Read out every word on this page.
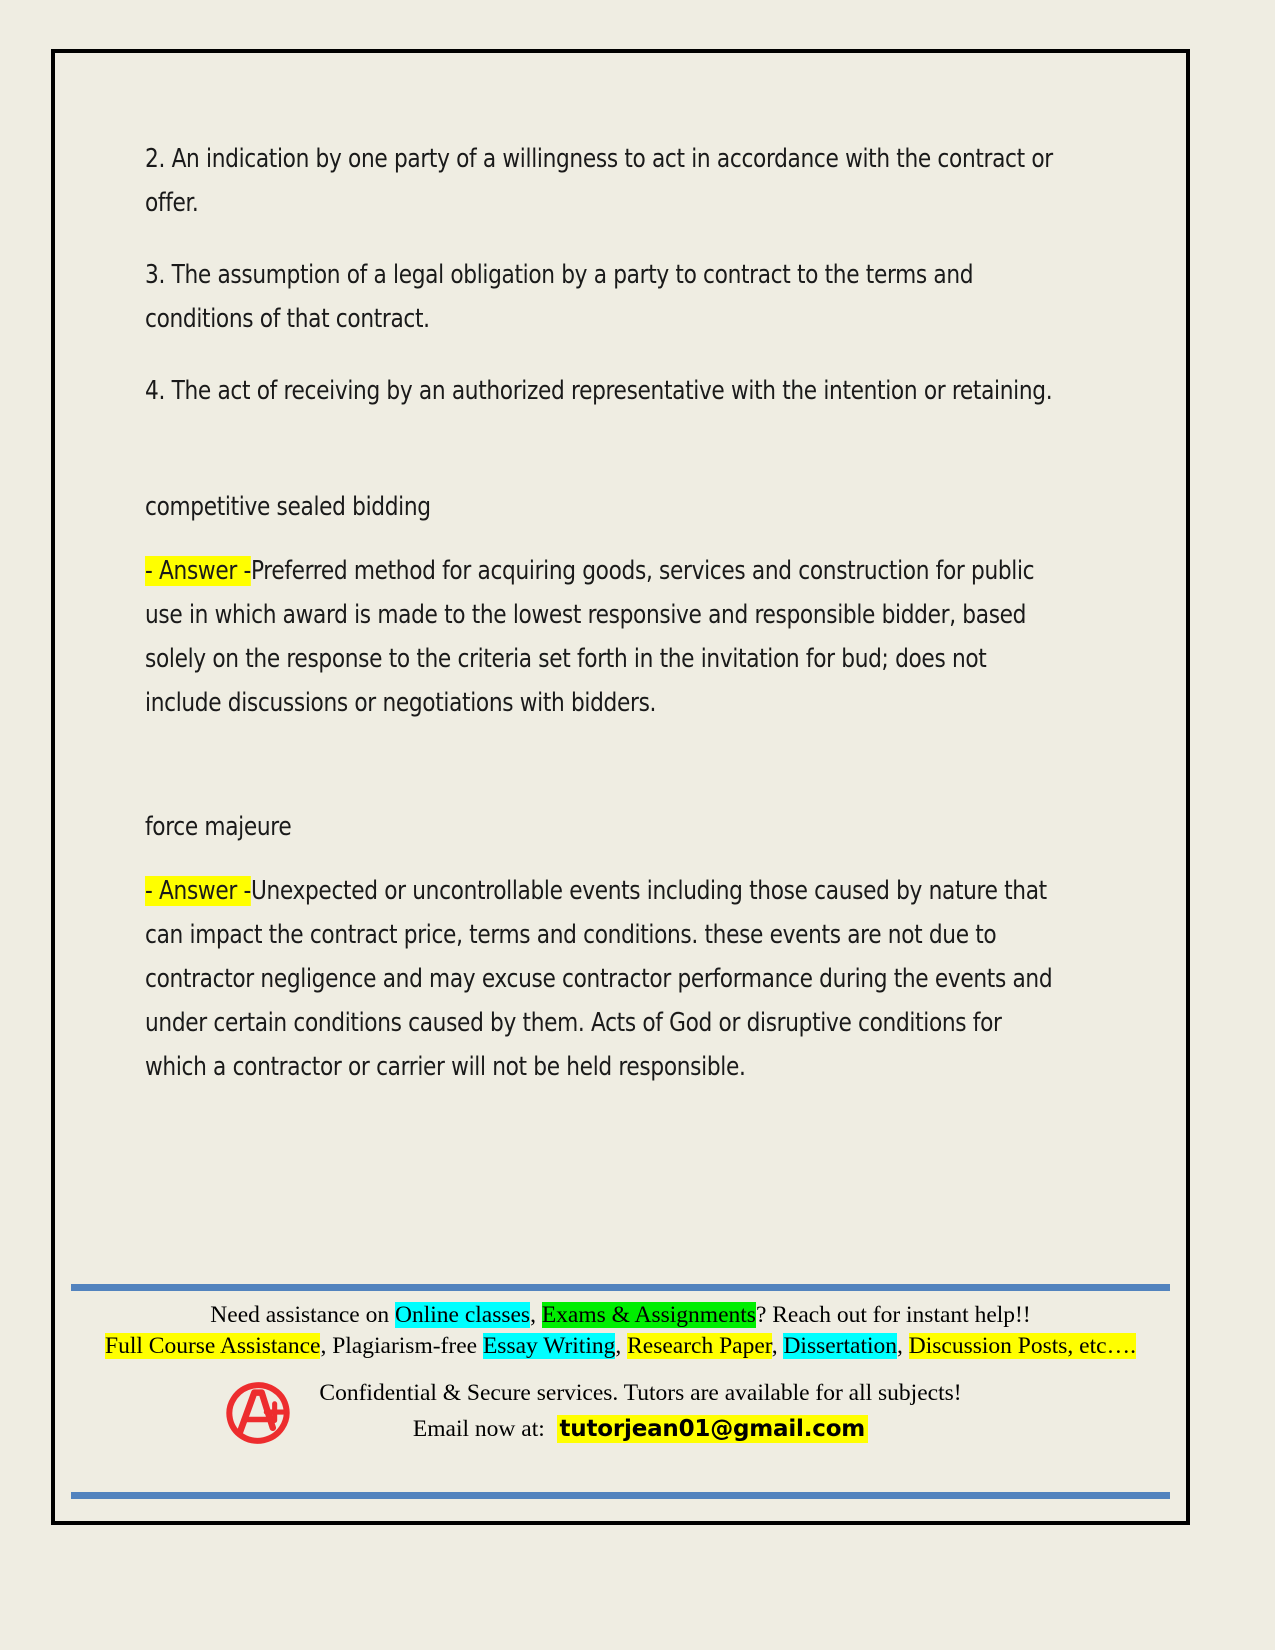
2. An indication by one party of a willingness to act in accordance with the contract or offer.

3. The assumption of a legal obligation by a party to contract to the terms and conditions of that contract.

4. The act of receiving by an authorized representative with the intention or retaining.

competitive sealed bidding

- Answer -Preferred method for acquiring goods, services and construction for public use in which award is made to the lowest responsive and responsible bidder, based solely on the response to the criteria set forth in the invitation for bud; does not include discussions or negotiations with bidders.

force majeure

- Answer -Unexpected or uncontrollable events including those caused by nature that can impact the contract price, terms and conditions. these events are not due to contractor negligence and may excuse contractor performance during the events and under certain conditions caused by them. Acts of God or disruptive conditions for which a contractor or carrier will not be held responsible.

Need assistance on Online classes, Exams & Assignments? Reach out for instant help!!
Full Course Assistance, Plagiarism-free Essay Writing, Research Paper, Dissertation, Discussion Posts, etc….
Confidential & Secure services. Tutors are available for all subjects!
Email now at: tutorjean01@gmail.com
